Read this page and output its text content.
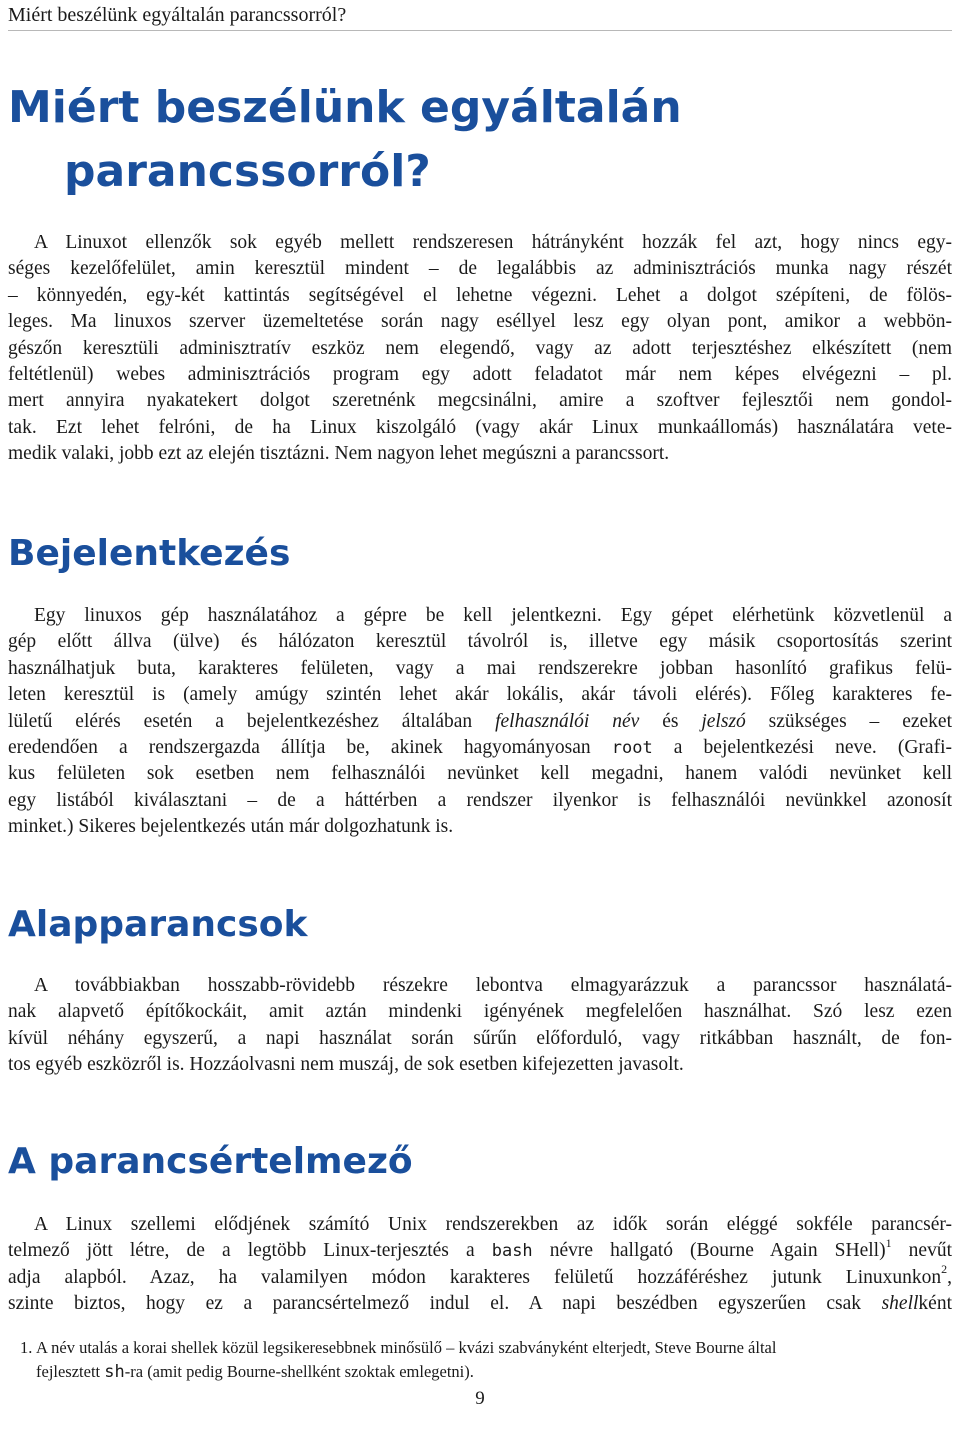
Miért beszélünk egyáltalán parancssorról?
Miért beszélünk egyáltalán
parancssorról?

A Linuxot ellenzők sok egyéb mellett rendszeresen hátrányként hozzák fel azt, hogy nincs egy-
séges kezelőfelület, amin keresztül mindent – de legalábbis az adminisztrációs munka nagy részét
– könnyedén, egy-két kattintás segítségével el lehetne végezni. Lehet a dolgot szépíteni, de fölös-
leges. Ma linuxos szerver üzemeltetése során nagy eséllyel lesz egy olyan pont, amikor a webbön-
gészőn keresztüli adminisztratív eszköz nem elegendő, vagy az adott terjesztéshez elkészített (nem
feltétlenül) webes adminisztrációs program egy adott feladatot már nem képes elvégezni – pl.
mert annyira nyakatekert dolgot szeretnénk megcsinálni, amire a szoftver fejlesztői nem gondol-
tak. Ezt lehet felróni, de ha Linux kiszolgáló (vagy akár Linux munkaállomás) használatára vete-
medik valaki, jobb ezt az elején tisztázni. Nem nagyon lehet megúszni a parancssort.

Bejelentkezés

Egy linuxos gép használatához a gépre be kell jelentkezni. Egy gépet elérhetünk közvetlenül a
gép előtt állva (ülve) és hálózaton keresztül távolról is, illetve egy másik csoportosítás szerint
használhatjuk buta, karakteres felületen, vagy a mai rendszerekre jobban hasonlító grafikus felü-
leten keresztül is (amely amúgy szintén lehet akár lokális, akár távoli elérés). Főleg karakteres fe-
lületű elérés esetén a bejelentkezéshez általában felhasználói név és jelszó szükséges – ezeket
eredendően a rendszergazda állítja be, akinek hagyományosan root a bejelentkezési neve. (Grafi-
kus felületen sok esetben nem felhasználói nevünket kell megadni, hanem valódi nevünket kell
egy listából kiválasztani – de a háttérben a rendszer ilyenkor is felhasználói nevünkkel azonosít
minket.) Sikeres bejelentkezés után már dolgozhatunk is.

Alapparancsok

A továbbiakban hosszabb-rövidebb részekre lebontva elmagyarázzuk a parancssor használatá-
nak alapvető építőkockáit, amit aztán mindenki igényének megfelelően használhat. Szó lesz ezen
kívül néhány egyszerű, a napi használat során sűrűn előforduló, vagy ritkábban használt, de fon-
tos egyéb eszközről is. Hozzáolvasni nem muszáj, de sok esetben kifejezetten javasolt.

A parancsértelmező

A Linux szellemi elődjének számító Unix rendszerekben az idők során eléggé sokféle parancsér-
telmező jött létre, de a legtöbb Linux-terjesztés a bash névre hallgató (Bourne Again SHell)$^1$ nevűt
adja alapból. Azaz, ha valamilyen módon karakteres felületű hozzáféréshez jutunk Linuxunkon$^2$,
szinte biztos, hogy ez a parancsértelmező indul el. A napi beszédben egyszerűen csak shellként

1. A név utalás a korai shellek közül legsikeresebbnek minősülő – kvázi szabványként elterjedt, Steve Bourne által
fejlesztett sh-ra (amit pedig Bourne-shellként szoktak emlegetni).
9
